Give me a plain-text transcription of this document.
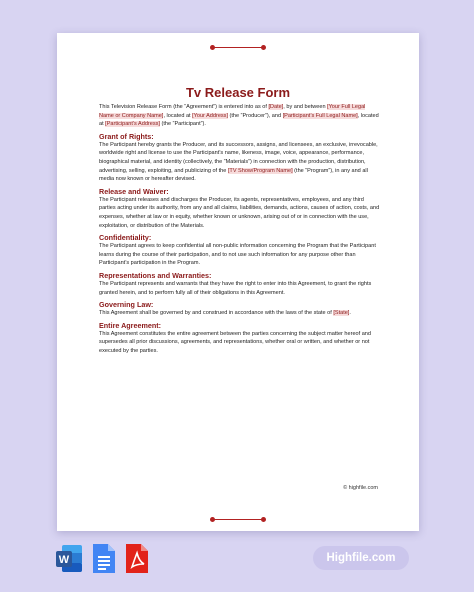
Tv Release Form

This Television Release Form (the “Agreement”) is entered into as of [Date], by and between [Your Full Legal Name or Company Name], located at [Your Address] (the “Producer”), and [Participant’s Full Legal Name], located at [Participant’s Address] (the “Participant”).

Grant of Rights:

The Participant hereby grants the Producer, and its successors, assigns, and licensees, an exclusive, irrevocable, worldwide right and license to use the Participant’s name, likeness, image, voice, appearance, performance, biographical material, and identity (collectively, the “Materials”) in connection with the production, distribution, advertising, selling, exploiting, and publicizing of the [TV Show/Program Name] (the “Program”), in any and all media now known or hereafter devised.

Release and Waiver:

The Participant releases and discharges the Producer, its agents, representatives, employees, and any third parties acting under its authority, from any and all claims, liabilities, demands, actions, causes of action, costs, and expenses, whether at law or in equity, whether known or unknown, arising out of or in connection with the use, exploitation, or distribution of the Materials.

Confidentiality:

The Participant agrees to keep confidential all non-public information concerning the Program that the Participant learns during the course of their participation, and to not use such information for any purpose other than Participant’s participation in the Program.

Representations and Warranties:

The Participant represents and warrants that they have the right to enter into this Agreement, to grant the rights granted herein, and to perform fully all of their obligations in this Agreement.

Governing Law:

This Agreement shall be governed by and construed in accordance with the laws of the state of [State].

Entire Agreement:

This Agreement constitutes the entire agreement between the parties concerning the subject matter hereof and supersedes all prior discussions, agreements, and representations, whether oral or written, and whether or not executed by the parties.

© highfile.com
W	Highfile.com
